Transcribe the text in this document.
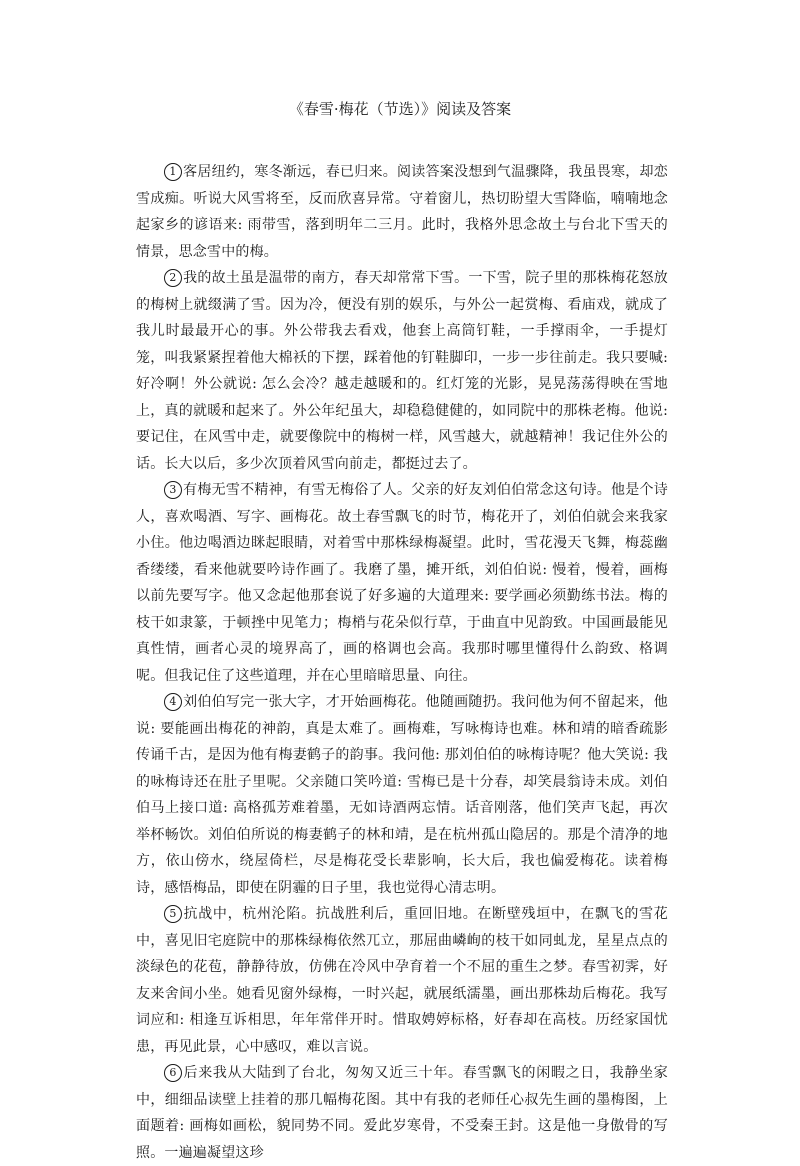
《春雪·梅花（节选）》阅读及答案

1 客居纽约，寒冬渐远，春已归来。阅读答案没想到气温骤降，我虽畏寒，却恋雪成痴。听说大风雪将至，反而欣喜异常。守着窗儿，热切盼望大雪降临，喃喃地念起家乡的谚语来: 雨带雪，落到明年二三月。此时，我格外思念故土与台北下雪天的情景，思念雪中的梅。

2 我的故土虽是温带的南方，春天却常常下雪。一下雪，院子里的那株梅花怒放的梅树上就缀满了雪。因为冷，便没有别的娱乐，与外公一起赏梅、看庙戏，就成了我儿时最最开心的事。外公带我去看戏，他套上高筒钉鞋，一手撑雨伞，一手提灯笼，叫我紧紧捏着他大棉袄的下摆，踩着他的钉鞋脚印，一步一步往前走。我只要喊: 好冷啊！外公就说: 怎么会冷？越走越暖和的。红灯笼的光影，晃晃荡荡得映在雪地上，真的就暖和起来了。外公年纪虽大，却稳稳健健的，如同院中的那株老梅。他说: 要记住，在风雪中走，就要像院中的梅树一样，风雪越大，就越精神！我记住外公的话。长大以后，多少次顶着风雪向前走，都挺过去了。

3 有梅无雪不精神，有雪无梅俗了人。父亲的好友刘伯伯常念这句诗。他是个诗人，喜欢喝酒、写字、画梅花。故土春雪飘飞的时节，梅花开了，刘伯伯就会来我家小住。他边喝酒边眯起眼睛，对着雪中那株绿梅凝望。此时，雪花漫天飞舞，梅蕊幽香缕缕，看来他就要吟诗作画了。我磨了墨，摊开纸，刘伯伯说: 慢着，慢着，画梅以前先要写字。他又念起他那套说了好多遍的大道理来: 要学画必须勤练书法。梅的枝干如隶篆，于顿挫中见笔力；梅梢与花朵似行草，于曲直中见韵致。中国画最能见真性情，画者心灵的境界高了，画的格调也会高。我那时哪里懂得什么韵致、格调呢。但我记住了这些道理，并在心里暗暗思量、向往。

4 刘伯伯写完一张大字，才开始画梅花。他随画随扔。我问他为何不留起来，他说: 要能画出梅花的神韵，真是太难了。画梅难，写咏梅诗也难。林和靖的暗香疏影传诵千古，是因为他有梅妻鹤子的韵事。我问他: 那刘伯伯的咏梅诗呢？他大笑说: 我的咏梅诗还在肚子里呢。父亲随口笑吟道: 雪梅已是十分春，却笑晨翁诗未成。刘伯伯马上接口道: 高格孤芳难着墨，无如诗酒两忘情。话音刚落，他们笑声飞起，再次举杯畅饮。刘伯伯所说的梅妻鹤子的林和靖，是在杭州孤山隐居的。那是个清净的地方，依山傍水，绕屋倚栏，尽是梅花受长辈影响，长大后，我也偏爱梅花。读着梅诗，感悟梅品，即使在阴霾的日子里，我也觉得心清志明。

5 抗战中，杭州沦陷。抗战胜利后，重回旧地。在断壁残垣中，在飘飞的雪花中，喜见旧宅庭院中的那株绿梅依然兀立，那屈曲嶙峋的枝干如同虬龙，星星点点的淡绿色的花苞，静静待放，仿佛在冷风中孕育着一个不屈的重生之梦。春雪初霁，好友来舍间小坐。她看见窗外绿梅，一时兴起，就展纸濡墨，画出那株劫后梅花。我写词应和: 相逢互诉相思，年年常伴开时。惜取娉婷标格，好春却在高枝。历经家国忧患，再见此景，心中感叹，难以言说。

6 后来我从大陆到了台北，匆匆又近三十年。春雪飘飞的闲暇之日，我静坐家中，细细品读壁上挂着的那几幅梅花图。其中有我的老师任心叔先生画的墨梅图，上面题着: 画梅如画松，貌同势不同。爱此岁寒骨，不受秦王封。这是他一身傲骨的写照。一遍遍凝望这珍
